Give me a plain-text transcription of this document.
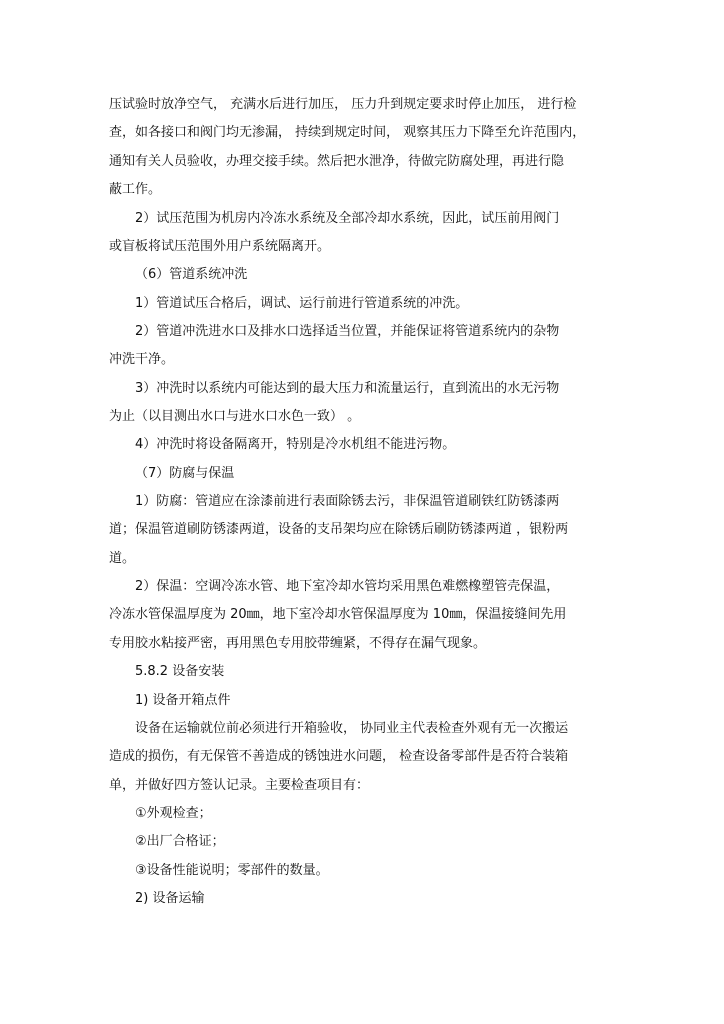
压试验时放净空气， 充满水后进行加压， 压力升到规定要求时停止加压， 进行检
查，如各接口和阀门均无渗漏， 持续到规定时间， 观察其压力下降至允许范围内，
通知有关人员验收，办理交接手续。然后把水泄净，待做完防腐处理，再进行隐
蔽工作。
2）试压范围为机房内冷冻水系统及全部冷却水系统，因此，试压前用阀门
或盲板将试压范围外用户系统隔离开。
（6）管道系统冲洗
1）管道试压合格后，调试、运行前进行管道系统的冲洗。
2）管道冲洗进水口及排水口选择适当位置，并能保证将管道系统内的杂物
冲洗干净。
3）冲洗时以系统内可能达到的最大压力和流量运行，直到流出的水无污物
为止（以目测出水口与进水口水色一致） 。
4）冲洗时将设备隔离开，特别是冷水机组不能进污物。
（7）防腐与保温
1）防腐：管道应在涂漆前进行表面除锈去污，非保温管道刷铁红防锈漆两
道；保温管道刷防锈漆两道，设备的支吊架均应在除锈后刷防锈漆两道 ，银粉两
道。
2）保温：空调冷冻水管、地下室冷却水管均采用黑色难燃橡塑管壳保温，
冷冻水管保温厚度为 20㎜，地下室冷却水管保温厚度为 10㎜，保温接缝间先用
专用胶水粘接严密，再用黑色专用胶带缠紧，不得存在漏气现象。
5.8.2 设备安装
1) 设备开箱点件
设备在运输就位前必须进行开箱验收， 协同业主代表检查外观有无一次搬运
造成的损伤，有无保管不善造成的锈蚀进水问题， 检查设备零部件是否符合装箱
单，并做好四方签认记录。主要检查项目有：
①外观检查；
②出厂合格证；
③设备性能说明；零部件的数量。
2) 设备运输
